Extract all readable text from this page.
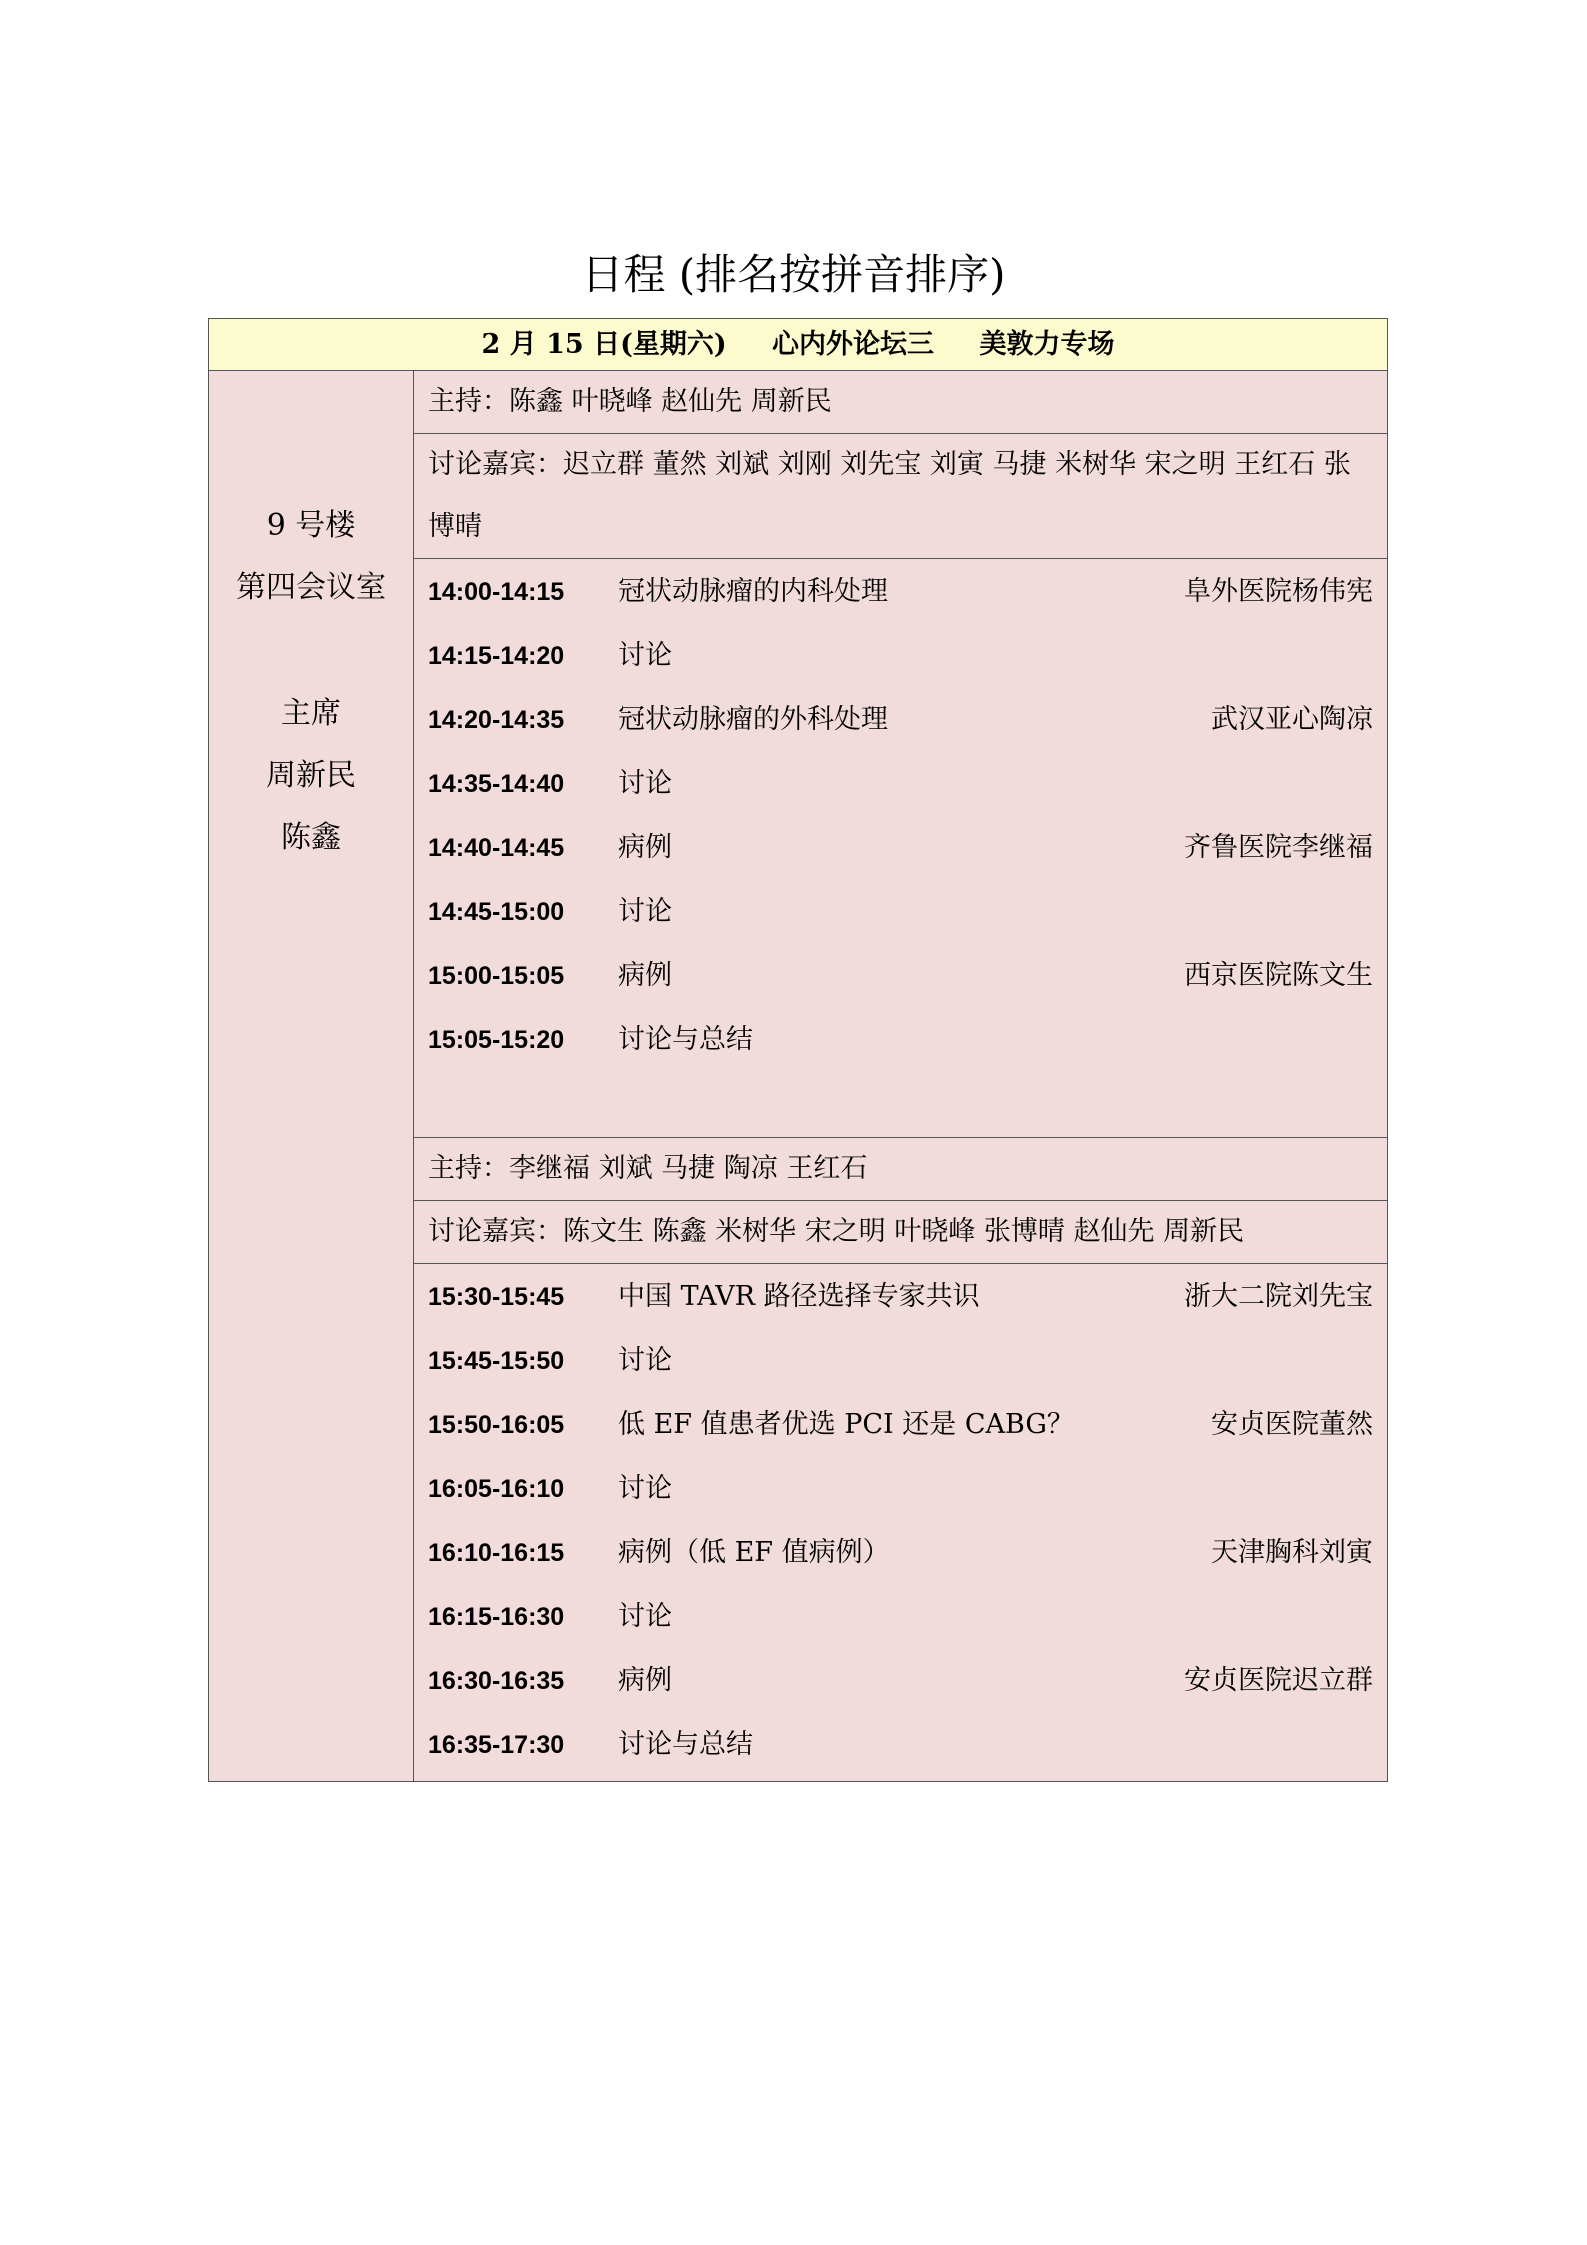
日程 (排名按拼音排序)
2 月 15 日(星期六) 心内外论坛三 美敦力专场
9 号楼
第四会议室
主席
周新民
陈鑫
主持：陈鑫 叶晓峰 赵仙先 周新民
讨论嘉宾：迟立群 董然 刘斌 刘刚 刘先宝 刘寅 马捷 米树华 宋之明 王红石 张博晴
14:00-14:15	冠状动脉瘤的内科处理	阜外医院杨伟宪
14:15-14:20	讨论
14:20-14:35	冠状动脉瘤的外科处理	武汉亚心陶凉
14:35-14:40	讨论
14:40-14:45	病例	齐鲁医院李继福
14:45-15:00	讨论
15:00-15:05	病例	西京医院陈文生
15:05-15:20	讨论与总结
主持：李继福 刘斌 马捷 陶凉 王红石
讨论嘉宾：陈文生 陈鑫 米树华 宋之明 叶晓峰 张博晴 赵仙先 周新民
15:30-15:45	中国 TAVR 路径选择专家共识	浙大二院刘先宝
15:45-15:50	讨论
15:50-16:05	低 EF 值患者优选 PCI 还是 CABG？	安贞医院董然
16:05-16:10	讨论
16:10-16:15	病例（低 EF 值病例）	天津胸科刘寅
16:15-16:30	讨论
16:30-16:35	病例	安贞医院迟立群
16:35-17:30	讨论与总结
